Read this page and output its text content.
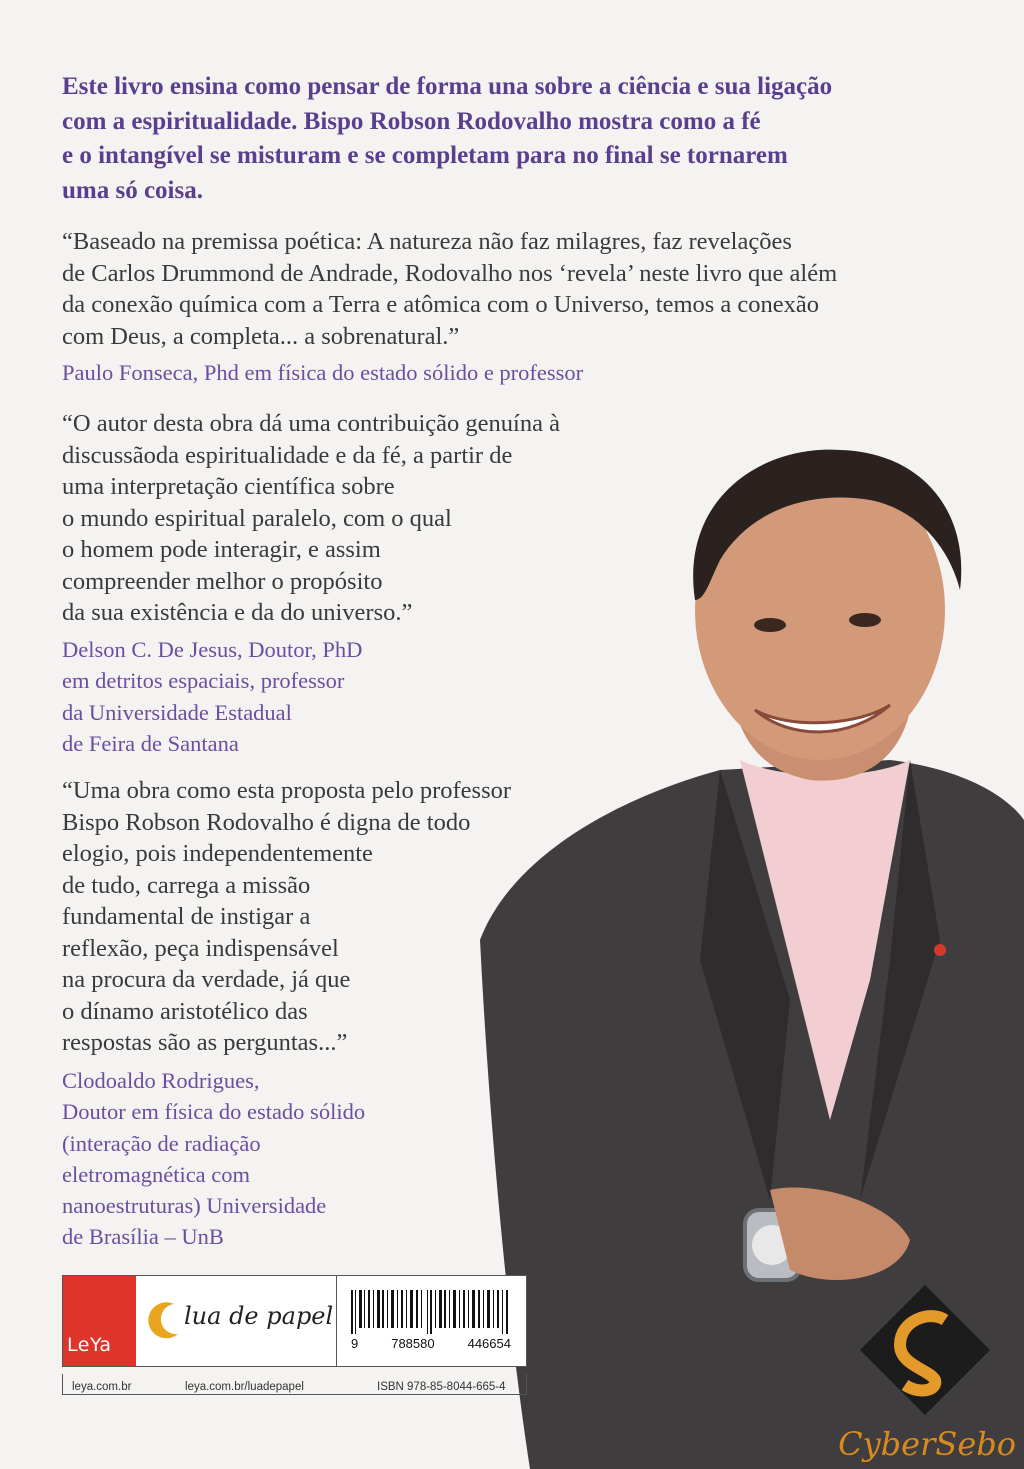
Este livro ensina como pensar de forma una sobre a ciência e sua ligação
com a espiritualidade. Bispo Robson Rodovalho mostra como a fé
e o intangível se misturam e se completam para no final se tornarem
uma só coisa.
“Baseado na premissa poética: A natureza não faz milagres, faz revelações
de Carlos Drummond de Andrade, Rodovalho nos ‘revela’ neste livro que além
da conexão química com a Terra e atômica com o Universo, temos a conexão
com Deus, a completa... a sobrenatural.”
Paulo Fonseca, Phd em física do estado sólido e professor
“O autor desta obra dá uma contribuição genuína à
discussãoda espiritualidade e da fé, a partir de
uma interpretação científica sobre
o mundo espiritual paralelo, com o qual
o homem pode interagir, e assim
compreender melhor o propósito
da sua existência e da do universo.”
Delson C. De Jesus, Doutor, PhD
em detritos espaciais, professor
da Universidade Estadual
de Feira de Santana
“Uma obra como esta proposta pelo professor
Bispo Robson Rodovalho é digna de todo
elogio, pois independentemente
de tudo, carrega a missão
fundamental de instigar a
reflexão, peça indispensável
na procura da verdade, já que
o dínamo aristotélico das
respostas são as perguntas...”
Clodoaldo Rodrigues,
Doutor em física do estado sólido
(interação de radiação
eletromagnética com
nanoestruturas) Universidade
de Brasília – UnB
LeYa
lua de papel
9	788580	446654
leya.com.br	leya.com.br/luadepapel	ISBN 978-85-8044-665-4
CyberSebo
